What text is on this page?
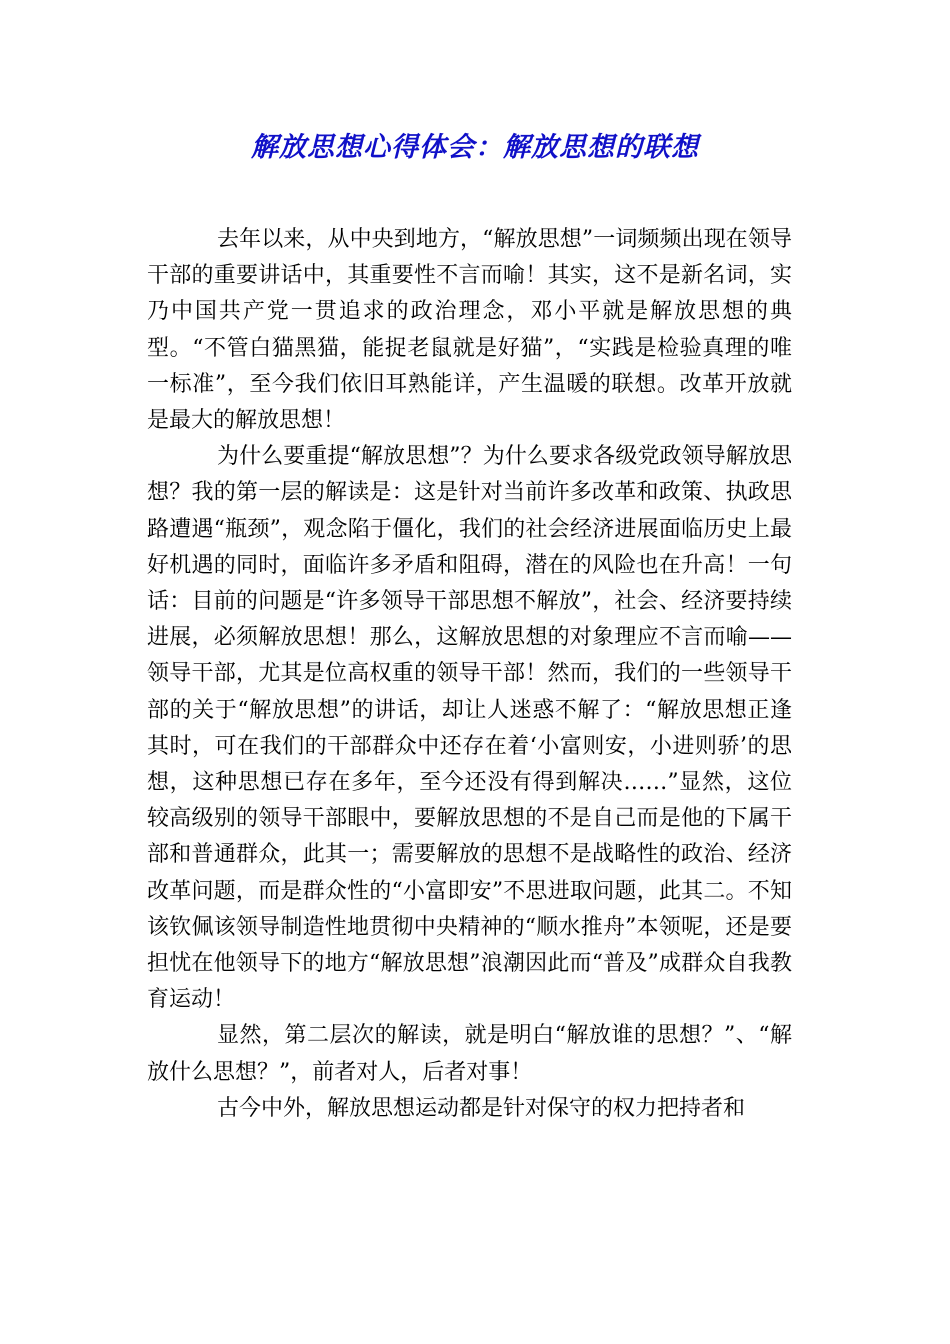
解放思想心得体会：解放思想的联想

去年以来，从中央到地方，“解放思想”一词频频出现在领导干部的重要讲话中，其重要性不言而喻！其实，这不是新名词，实乃中国共产党一贯追求的政治理念，邓小平就是解放思想的典型。“不管白猫黑猫，能捉老鼠就是好猫”，“实践是检验真理的唯一标准”，至今我们依旧耳熟能详，产生温暖的联想。改革开放就是最大的解放思想！

为什么要重提“解放思想”？为什么要求各级党政领导解放思想？我的第一层的解读是：这是针对当前许多改革和政策、执政思路遭遇“瓶颈”，观念陷于僵化，我们的社会经济进展面临历史上最好机遇的同时，面临许多矛盾和阻碍，潜在的风险也在升高！一句话：目前的问题是“许多领导干部思想不解放”，社会、经济要持续进展，必须解放思想！那么，这解放思想的对象理应不言而喻——领导干部，尤其是位高权重的领导干部！然而，我们的一些领导干部的关于“解放思想”的讲话，却让人迷惑不解了：“解放思想正逢其时，可在我们的干部群众中还存在着‘小富则安，小进则骄’的思想，这种思想已存在多年，至今还没有得到解决……”显然，这位较高级别的领导干部眼中，要解放思想的不是自己而是他的下属干部和普通群众，此其一；需要解放的思想不是战略性的政治、经济改革问题，而是群众性的“小富即安”不思进取问题，此其二。不知该钦佩该领导制造性地贯彻中央精神的“顺水推舟”本领呢，还是要担忧在他领导下的地方“解放思想”浪潮因此而“普及”成群众自我教育运动！

显然，第二层次的解读，就是明白“解放谁的思想？”、“解放什么思想？”，前者对人，后者对事！

古今中外，解放思想运动都是针对保守的权力把持者和
